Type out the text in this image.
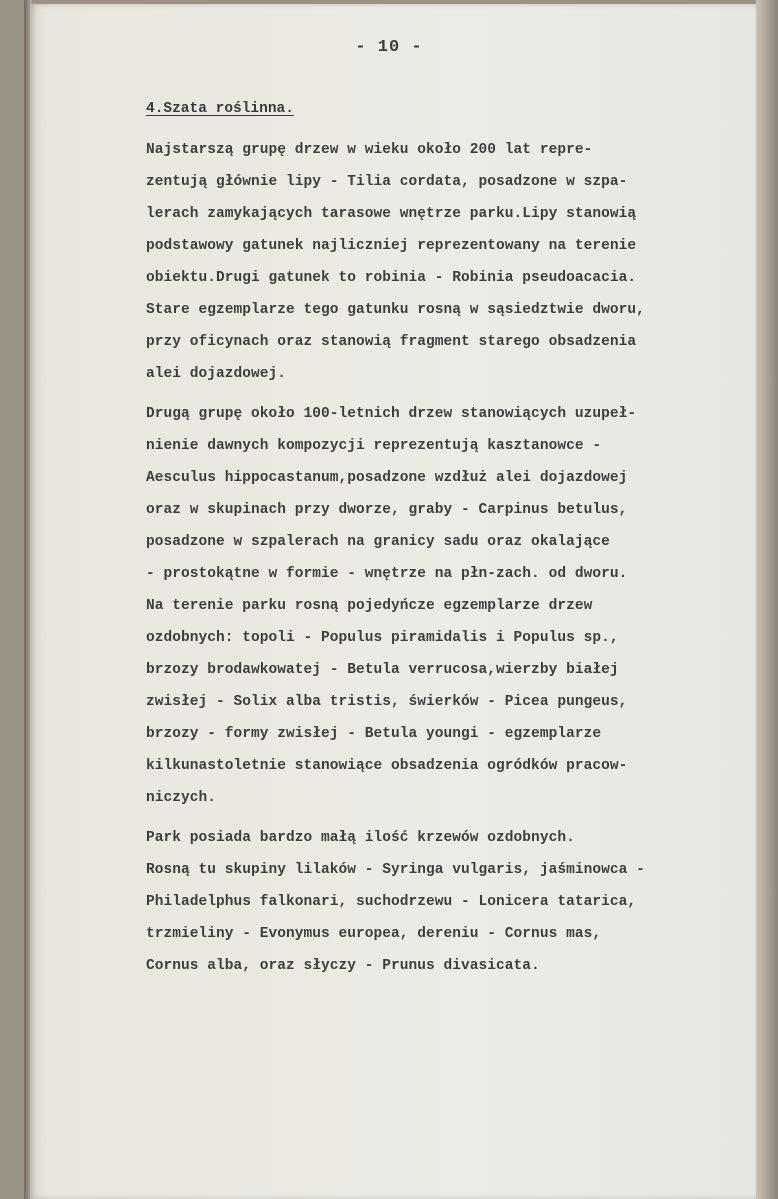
- 10 -
4.Szata roślinna.
Najstarszą grupę drzew w wieku około 200 lat repre-
zentują głównie lipy - Tilia cordata, posadzone w szpa-
lerach zamykających tarasowe wnętrze parku.Lipy stanowią
podstawowy gatunek najliczniej reprezentowany na terenie
obiektu.Drugi gatunek to robinia - Robinia pseudoacacia.
Stare egzemplarze tego gatunku rosną w sąsiedztwie dworu,
przy oficynach oraz stanowią fragment starego obsadzenia
alei dojazdowej.
Drugą grupę około 100-letnich drzew stanowiących uzupeł-
nienie dawnych kompozycji reprezentują kasztanowce -
Aesculus hippocastanum,posadzone wzdłuż alei dojazdowej
oraz w skupinach przy dworze, graby - Carpinus betulus,
posadzone w szpalerach na granicy sadu oraz okalające
- prostokątne w formie - wnętrze na płn-zach. od dworu.
Na terenie parku rosną pojedyńcze egzemplarze drzew
ozdobnych: topoli - Populus piramidalis i Populus sp.,
brzozy brodawkowatej - Betula verrucosa,wierzby białej
zwisłej - Solix alba tristis, świerków - Picea pungeus,
brzozy - formy zwisłej - Betula youngi - egzemplarze
kilkunastoletnie stanowiące obsadzenia ogródków pracow-
niczych.
Park posiada bardzo małą ilość krzewów ozdobnych.
Rosną tu skupiny lilaków - Syringa vulgaris, jaśminowca -
Philadelphus falkonari, suchodrzewu - Lonicera tatarica,
trzmieliny - Evonymus europea, dereniu - Cornus mas,
Cornus alba, oraz słyczy - Prunus divasicata.
